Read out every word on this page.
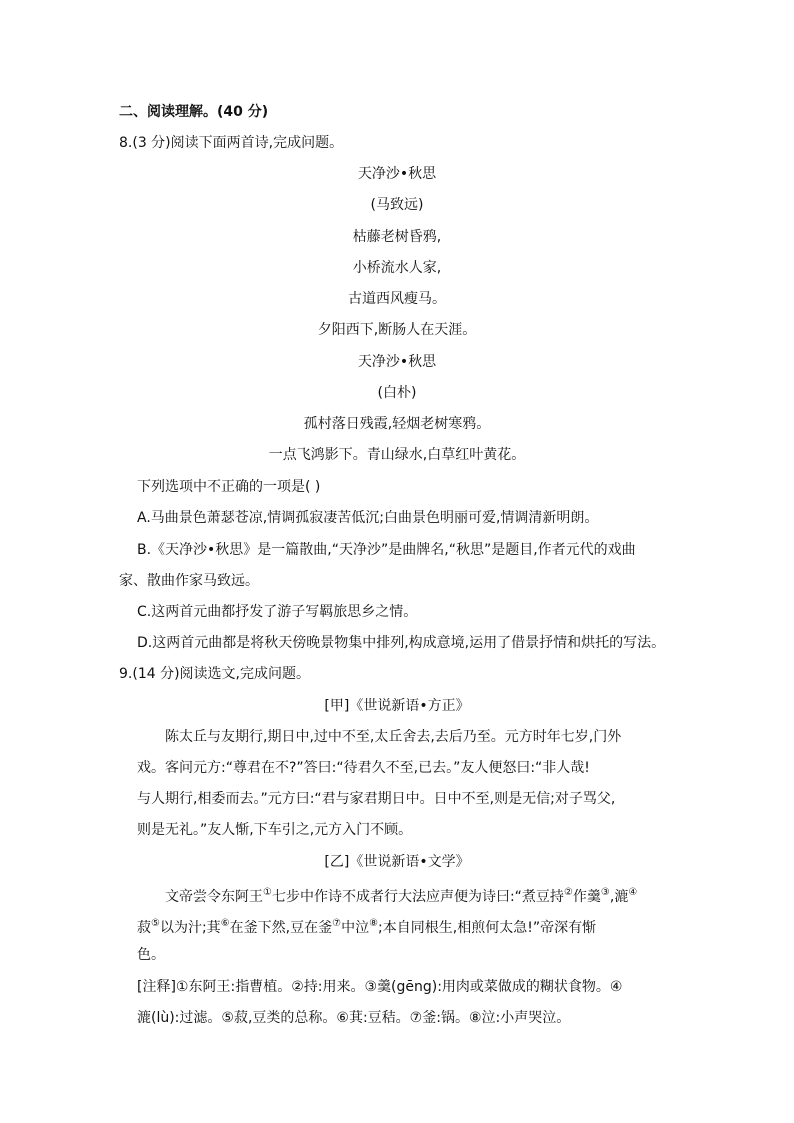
二、阅读理解。(40 分)
8.(3 分)阅读下面两首诗,完成问题。
天净沙•秋思
(马致远)
枯藤老树昏鸦,
小桥流水人家,
古道西风瘦马。
夕阳西下,断肠人在天涯。
天净沙•秋思
(白朴)
孤村落日残霞,轻烟老树寒鸦。
一点飞鸿影下。青山绿水,白草红叶黄花。
下列选项中不正确的一项是( )
A.马曲景色萧瑟苍凉,情调孤寂凄苦低沉;白曲景色明丽可爱,情调清新明朗。
B.《天净沙•秋思》是一篇散曲,“天净沙”是曲牌名,“秋思”是题目,作者元代的戏曲
家、散曲作家马致远。
C.这两首元曲都抒发了游子写羁旅思乡之情。
D.这两首元曲都是将秋天傍晚景物集中排列,构成意境,运用了借景抒情和烘托的写法。
9.(14 分)阅读选文,完成问题。
[甲]《世说新语•方正》
陈太丘与友期行,期日中,过中不至,太丘舍去,去后乃至。元方时年七岁,门外
戏。客问元方:“尊君在不?”答曰:“待君久不至,已去。”友人便怒曰:“非人哉!
与人期行,相委而去。”元方曰:“君与家君期日中。日中不至,则是无信;对子骂父,
则是无礼。”友人惭,下车引之,元方入门不顾。
[乙]《世说新语•文学》
文帝尝令东阿王①七步中作诗不成者行大法应声便为诗曰:“煮豆持②作羹③,漉④
菽⑤以为汁;萁⑥在釜下然,豆在釜⑦中泣⑧;本自同根生,相煎何太急!”帝深有惭
色。
[注释]①东阿王:指曹植。②持:用来。③羹(gēng):用肉或菜做成的糊状食物。④
漉(lù):过滤。⑤菽,豆类的总称。⑥萁:豆秸。⑦釜:锅。⑧泣:小声哭泣。
